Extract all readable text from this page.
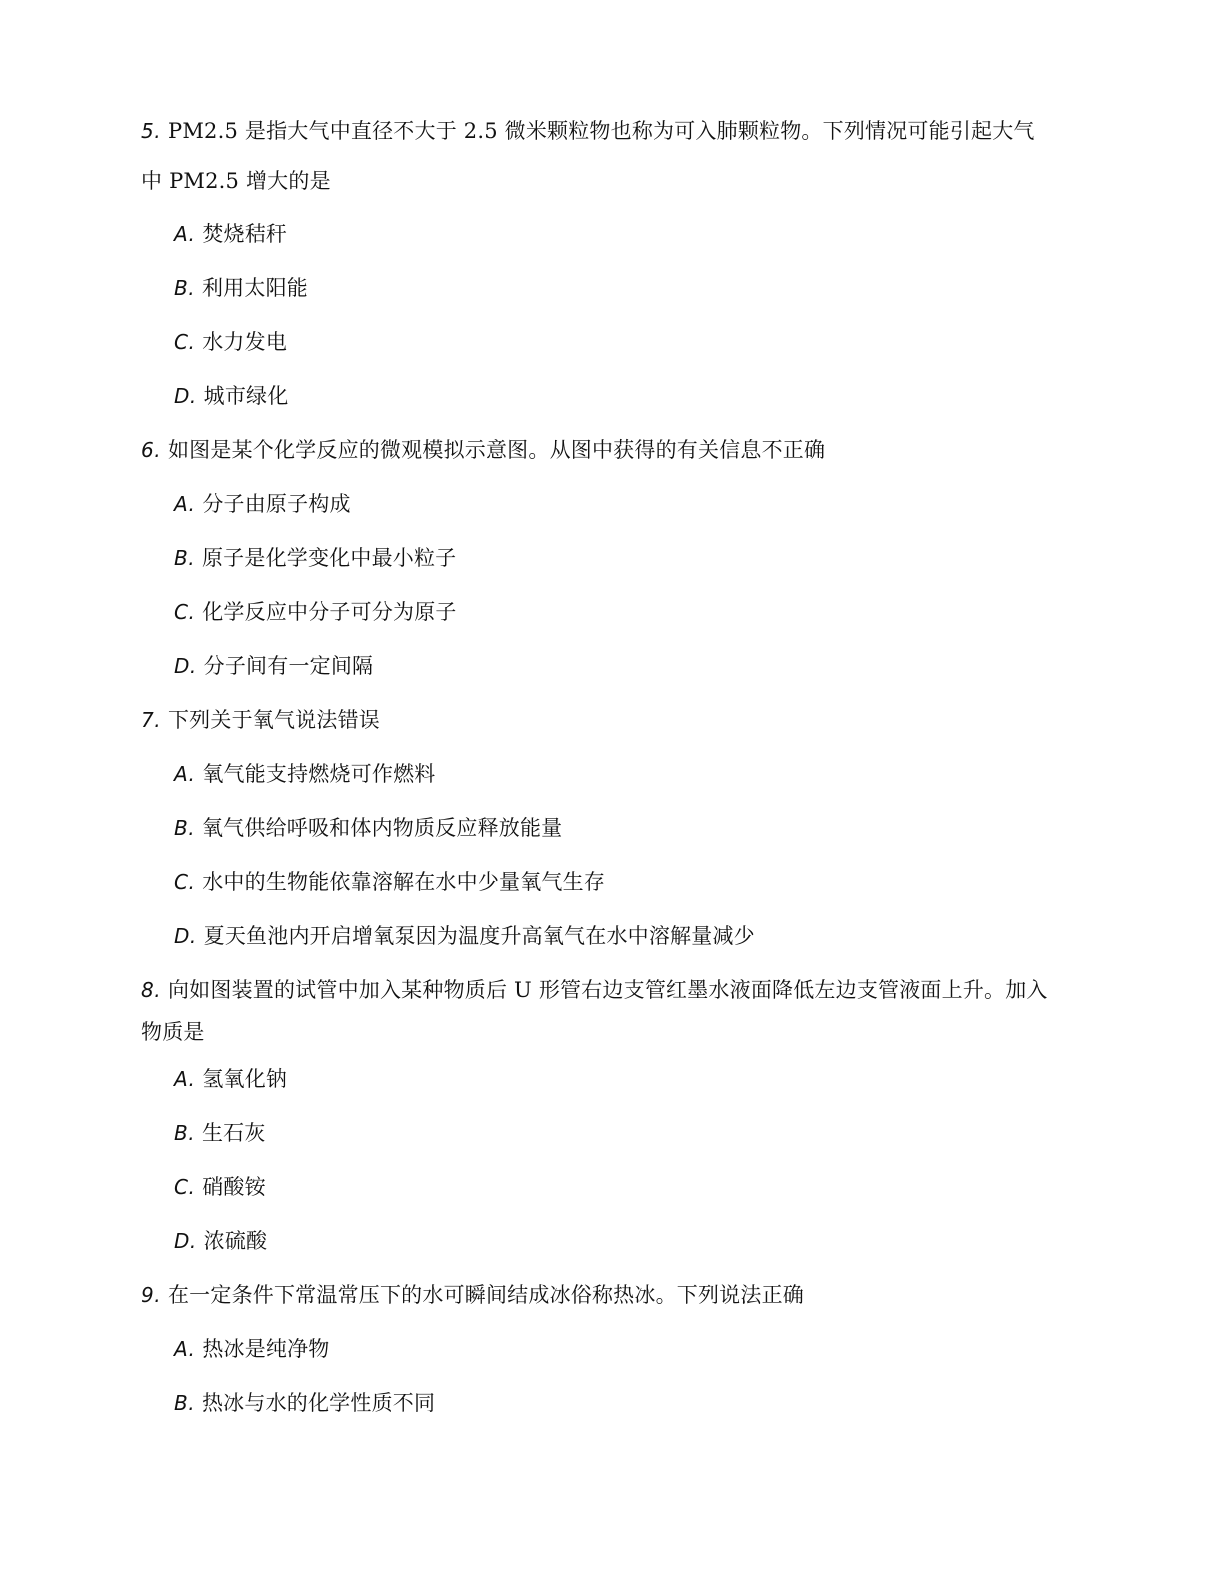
5. PM2.5 是指大气中直径不大于 2.5 微米颗粒物也称为可入肺颗粒物。下列情况可能引起大气
中 PM2.5 增大的是
A. 焚烧秸秆
B. 利用太阳能
C. 水力发电
D. 城市绿化
6. 如图是某个化学反应的微观模拟示意图。从图中获得的有关信息不正确
A. 分子由原子构成
B. 原子是化学变化中最小粒子
C. 化学反应中分子可分为原子
D. 分子间有一定间隔
7. 下列关于氧气说法错误
A. 氧气能支持燃烧可作燃料
B. 氧气供给呼吸和体内物质反应释放能量
C. 水中的生物能依靠溶解在水中少量氧气生存
D. 夏天鱼池内开启增氧泵因为温度升高氧气在水中溶解量减少
8. 向如图装置的试管中加入某种物质后 U 形管右边支管红墨水液面降低左边支管液面上升。加入
物质是
A. 氢氧化钠
B. 生石灰
C. 硝酸铵
D. 浓硫酸
9. 在一定条件下常温常压下的水可瞬间结成冰俗称热冰。下列说法正确
A. 热冰是纯净物
B. 热冰与水的化学性质不同
